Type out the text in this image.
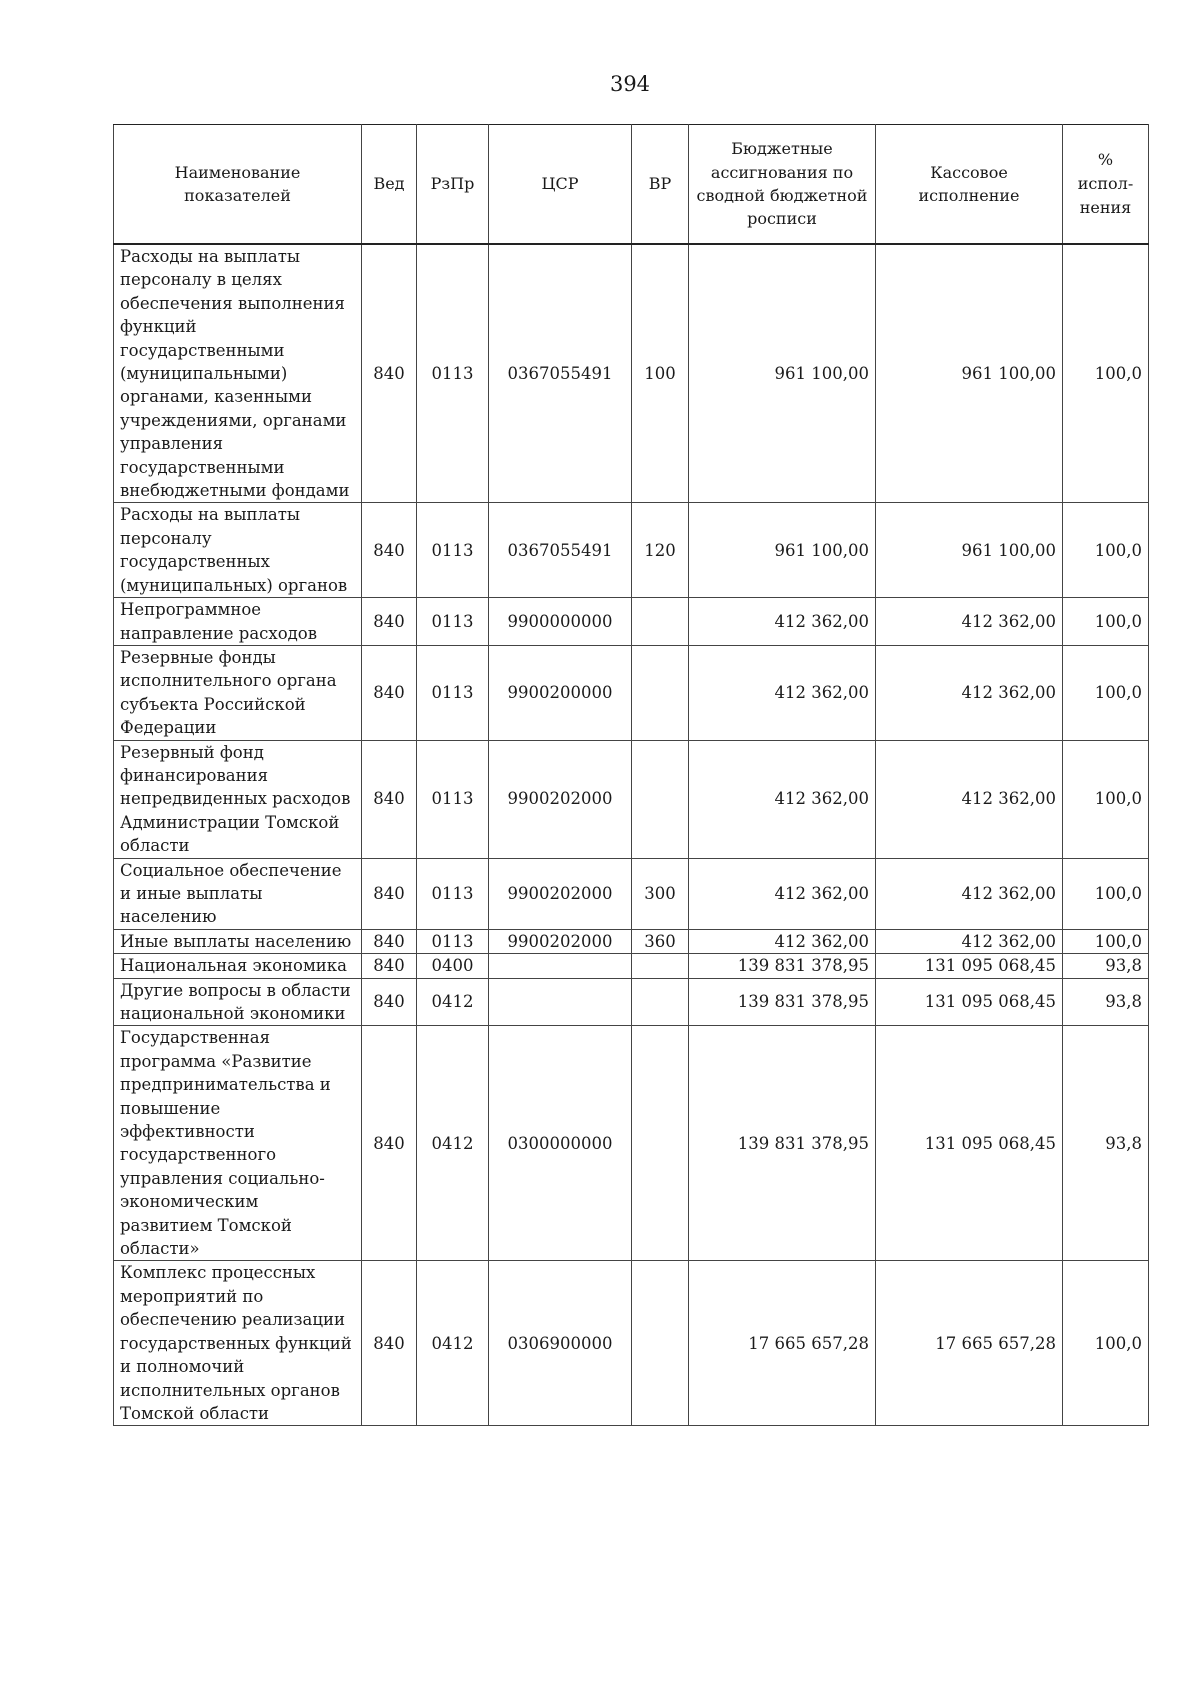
394
Наименование показателей	Вед	РзПр	ЦСР	ВР	Бюджетные ассигнования по сводной бюджетной росписи	Кассовое исполнение	% испол-нения
Расходы на выплаты персоналу в целях обеспечения выполнения функций государственными (муниципальными) органами, казенными учреждениями, органами управления государственными внебюджетными фондами	840	0113	0367055491	100	961 100,00	961 100,00	100,0
Расходы на выплаты персоналу государственных (муниципальных) органов	840	0113	0367055491	120	961 100,00	961 100,00	100,0
Непрограммное направление расходов	840	0113	9900000000		412 362,00	412 362,00	100,0
Резервные фонды исполнительного органа субъекта Российской Федерации	840	0113	9900200000		412 362,00	412 362,00	100,0
Резервный фонд финансирования непредвиденных расходов Администрации Томской области	840	0113	9900202000		412 362,00	412 362,00	100,0
Социальное обеспечение и иные выплаты населению	840	0113	9900202000	300	412 362,00	412 362,00	100,0
Иные выплаты населению	840	0113	9900202000	360	412 362,00	412 362,00	100,0
Национальная экономика	840	0400			139 831 378,95	131 095 068,45	93,8
Другие вопросы в области национальной экономики	840	0412			139 831 378,95	131 095 068,45	93,8
Государственная программа «Развитие предпринимательства и повышение эффективности государственного управления социально-экономическим развитием Томской области»	840	0412	0300000000		139 831 378,95	131 095 068,45	93,8
Комплекс процессных мероприятий по обеспечению реализации государственных функций и полномочий исполнительных органов Томской области	840	0412	0306900000		17 665 657,28	17 665 657,28	100,0
